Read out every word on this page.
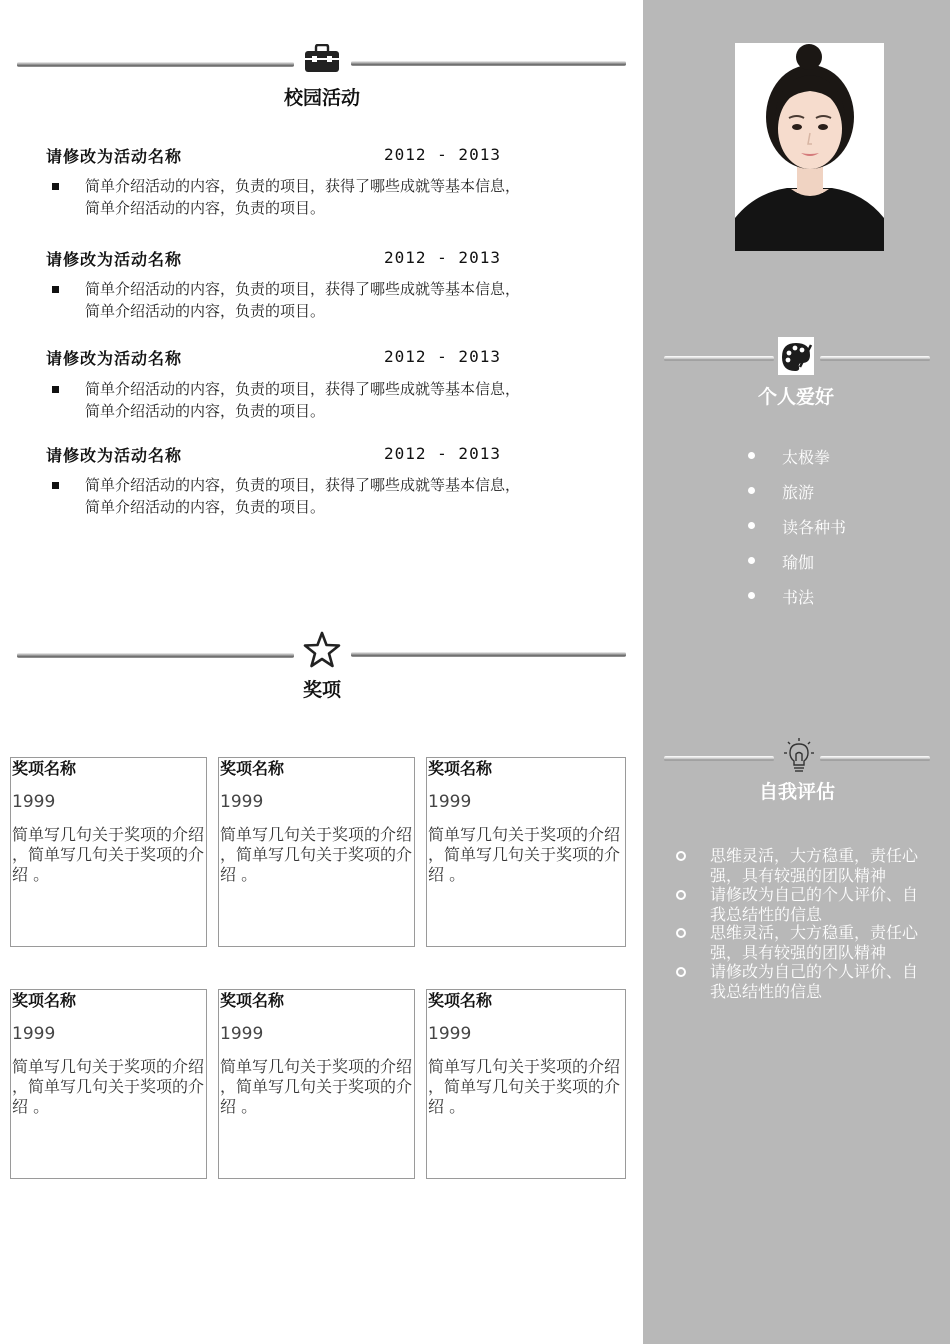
校园活动
请修改为活动名称	2012 - 2013
简单介绍活动的内容，负责的项目，获得了哪些成就等基本信息，简单介绍活动的内容，负责的项目。
请修改为活动名称	2012 - 2013
简单介绍活动的内容，负责的项目，获得了哪些成就等基本信息，简单介绍活动的内容，负责的项目。
请修改为活动名称	2012 - 2013
简单介绍活动的内容，负责的项目，获得了哪些成就等基本信息，简单介绍活动的内容，负责的项目。
请修改为活动名称	2012 - 2013
简单介绍活动的内容，负责的项目，获得了哪些成就等基本信息，简单介绍活动的内容，负责的项目。
奖项
奖项名称
1999
简单写几句关于奖项的介绍 ，简单写几句关于奖项的介绍 。
奖项名称
1999
简单写几句关于奖项的介绍 ，简单写几句关于奖项的介绍 。
奖项名称
1999
简单写几句关于奖项的介绍 ，简单写几句关于奖项的介绍 。
奖项名称
1999
简单写几句关于奖项的介绍 ，简单写几句关于奖项的介绍 。
奖项名称
1999
简单写几句关于奖项的介绍 ，简单写几句关于奖项的介绍 。
奖项名称
1999
简单写几句关于奖项的介绍 ，简单写几句关于奖项的介绍 。
个人爱好
太极拳
旅游
读各种书
瑜伽
书法
自我评估
思维灵活，大方稳重，责任心强，具有较强的团队精神
请修改为自己的个人评价、自我总结性的信息
思维灵活，大方稳重，责任心强，具有较强的团队精神
请修改为自己的个人评价、自我总结性的信息
